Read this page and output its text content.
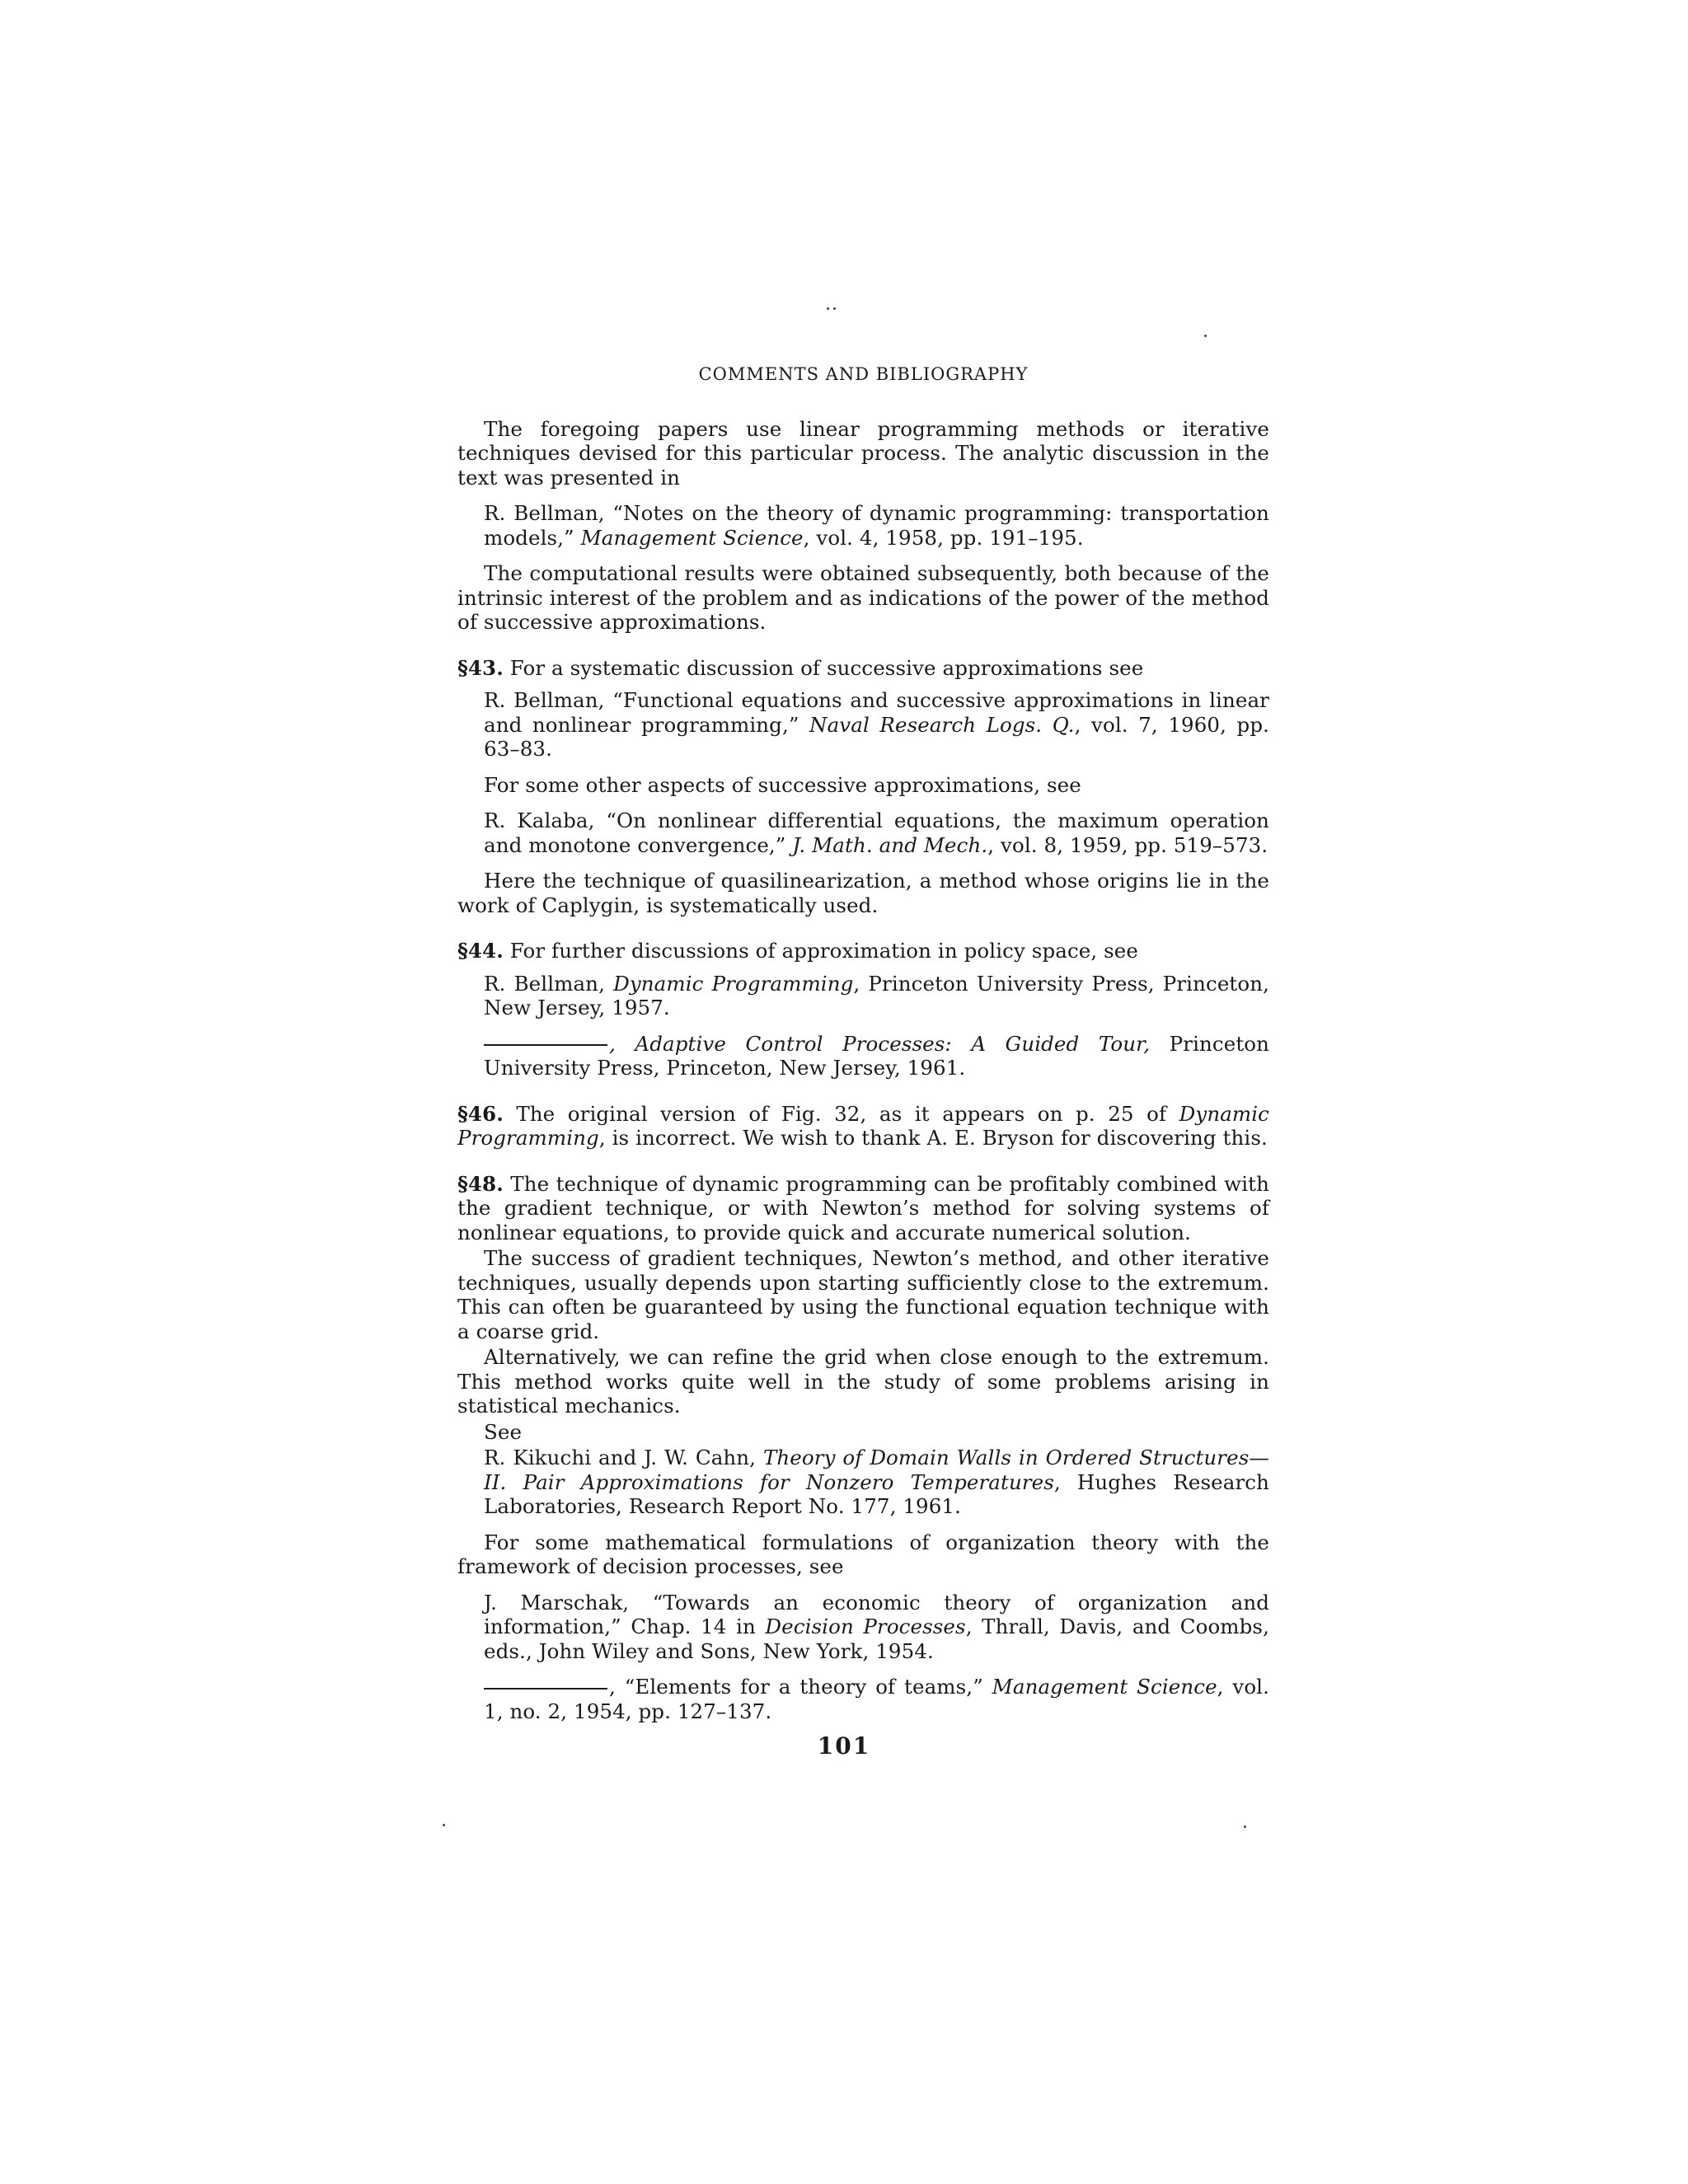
COMMENTS AND BIBLIOGRAPHY

The foregoing papers use linear programming methods or iterative techniques devised for this particular process. The analytic discussion in the text was presented in

R. Bellman, “Notes on the theory of dynamic programming: transportation models,” Management Science, vol. 4, 1958, pp. 191–195.

The computational results were obtained subsequently, both because of the intrinsic interest of the problem and as indications of the power of the method of successive approximations.

§43. For a systematic discussion of successive approximations see

R. Bellman, “Functional equations and successive approximations in linear and nonlinear programming,” Naval Research Logs. Q., vol. 7, 1960, pp. 63–83.

For some other aspects of successive approximations, see

R. Kalaba, “On nonlinear differential equations, the maximum operation and monotone convergence,” J. Math. and Mech., vol. 8, 1959, pp. 519–573.

Here the technique of quasilinearization, a method whose origins lie in the work of Caplygin, is systematically used.

§44. For further discussions of approximation in policy space, see

R. Bellman, Dynamic Programming, Princeton University Press, Princeton, New Jersey, 1957.

, Adaptive Control Processes: A Guided Tour, Princeton University Press, Princeton, New Jersey, 1961.

§46. The original version of Fig. 32, as it appears on p. 25 of Dynamic Programming, is incorrect. We wish to thank A. E. Bryson for discovering this.

§48. The technique of dynamic programming can be profitably combined with the gradient technique, or with Newton’s method for solving systems of nonlinear equations, to provide quick and accurate numerical solution.

The success of gradient techniques, Newton’s method, and other iterative techniques, usually depends upon starting sufficiently close to the extremum. This can often be guaranteed by using the functional equation technique with a coarse grid.

Alternatively, we can refine the grid when close enough to the extremum. This method works quite well in the study of some problems arising in statistical mechanics.

See

R. Kikuchi and J. W. Cahn, Theory of Domain Walls in Ordered Structures—II. Pair Approximations for Nonzero Temperatures, Hughes Research Laboratories, Research Report No. 177, 1961.

For some mathematical formulations of organization theory with the framework of decision processes, see

J. Marschak, “Towards an economic theory of organization and information,” Chap. 14 in Decision Processes, Thrall, Davis, and Coombs, eds., John Wiley and Sons, New York, 1954.

, “Elements for a theory of teams,” Management Science, vol. 1, no. 2, 1954, pp. 127–137.

101
